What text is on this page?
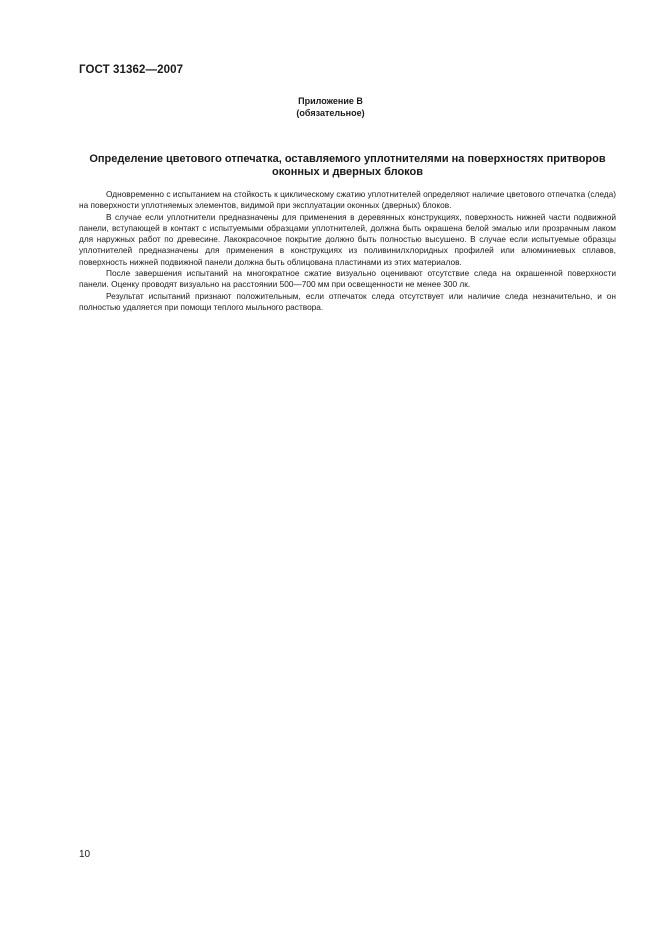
ГОСТ 31362—2007
Приложение В
(обязательное)
Определение цветового отпечатка, оставляемого уплотнителями на поверхностях притворов
оконных и дверных блоков

Одновременно с испытанием на стойкость к циклическому сжатию уплотнителей определяют наличие цветового отпечатка (следа) на поверхности уплотняемых элементов, видимой при эксплуатации оконных (дверных) блоков.

В случае если уплотнители предназначены для применения в деревянных конструкциях, поверхность нижней части подвижной панели, вступающей в контакт с испытуемыми образцами уплотнителей, должна быть окрашена белой эмалью или прозрачным лаком для наружных работ по древесине. Лакокрасочное покрытие должно быть полностью высушено. В случае если испытуемые образцы уплотнителей предназначены для применения в конструкциях из поливинилхлоридных профилей или алюминиевых сплавов, поверхность нижней подвижной панели должна быть облицована пластинами из этих материалов.

После завершения испытаний на многократное сжатие визуально оценивают отсутствие следа на окрашенной поверхности панели. Оценку проводят визуально на расстоянии 500—700 мм при освещенности не менее 300 лк.

Результат испытаний признают положительным, если отпечаток следа отсутствует или наличие следа незначительно, и он полностью удаляется при помощи теплого мыльного раствора.

10
